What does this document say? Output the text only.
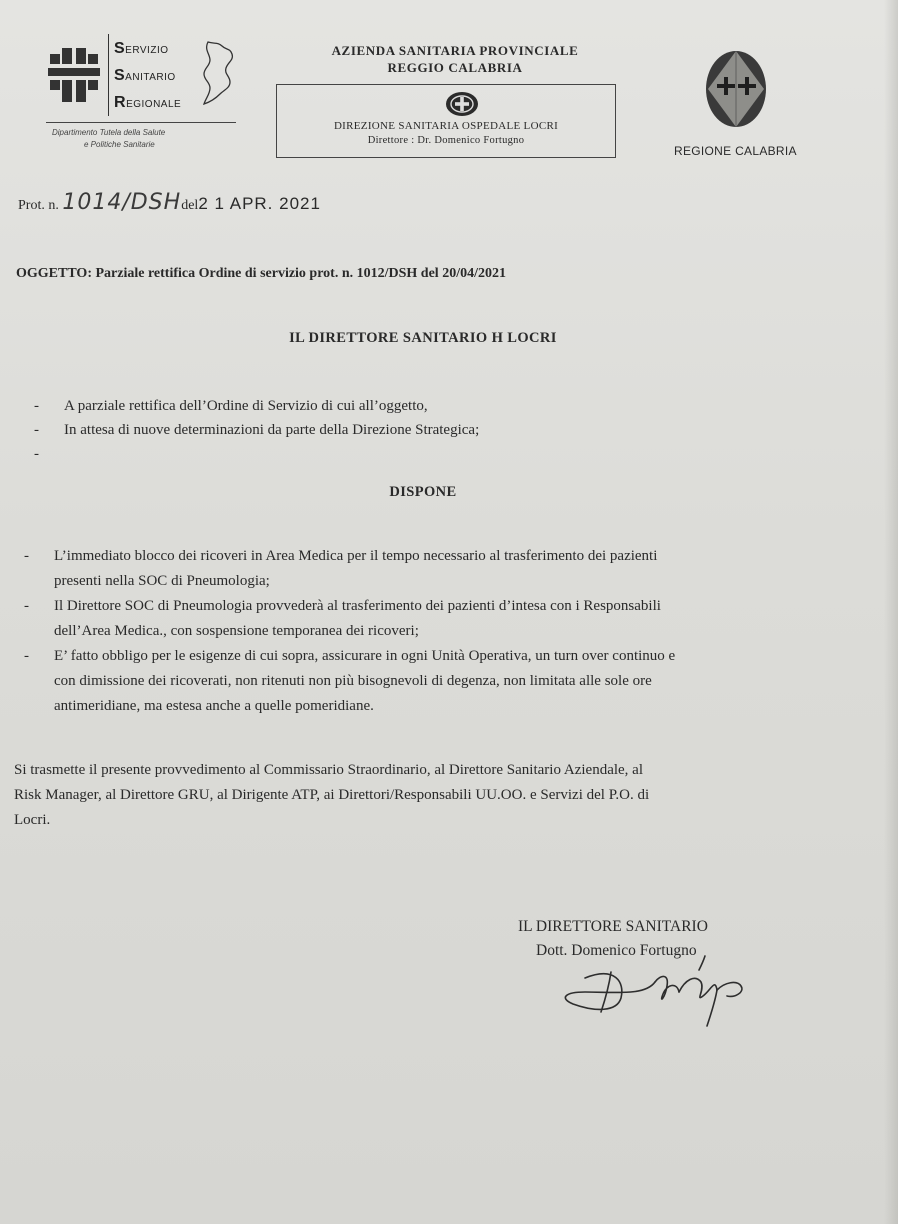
SERVIZIO
SANITARIO
REGIONALE
Dipartimento Tutela della Salute
e Politiche Sanitarie
AZIENDA SANITARIA PROVINCIALE
REGGIO CALABRIA
DIREZIONE SANITARIA OSPEDALE LOCRI
Direttore : Dr. Domenico Fortugno
REGIONE CALABRIA
Prot. n. 1014/DSHdel2 1 APR. 2021
OGGETTO: Parziale rettifica Ordine di servizio prot. n. 1012/DSH del 20/04/2021
IL DIRETTORE SANITARIO H LOCRI
- A parziale rettifica dell’Ordine di Servizio di cui all’oggetto,
- In attesa di nuove determinazioni da parte della Direzione Strategica;
-
DISPONE
- L’immediato blocco dei ricoveri in Area Medica per il tempo necessario al trasferimento dei pazienti
presenti nella SOC di Pneumologia;
- Il Direttore SOC di Pneumologia provvederà al trasferimento dei pazienti d’intesa con i Responsabili
dell’Area Medica., con sospensione temporanea dei ricoveri;
- E’ fatto obbligo per le esigenze di cui sopra, assicurare in ogni Unità Operativa, un turn over continuo e
con dimissione dei ricoverati, non ritenuti non più bisognevoli di degenza, non limitata alle sole ore
antimeridiane, ma estesa anche a quelle pomeridiane.
Si trasmette il presente provvedimento al Commissario Straordinario, al Direttore Sanitario Aziendale, al
Risk Manager, al Direttore GRU, al Dirigente ATP, ai Direttori/Responsabili UU.OO. e Servizi del P.O. di
Locri.
IL DIRETTORE SANITARIO
Dott. Domenico Fortugno
